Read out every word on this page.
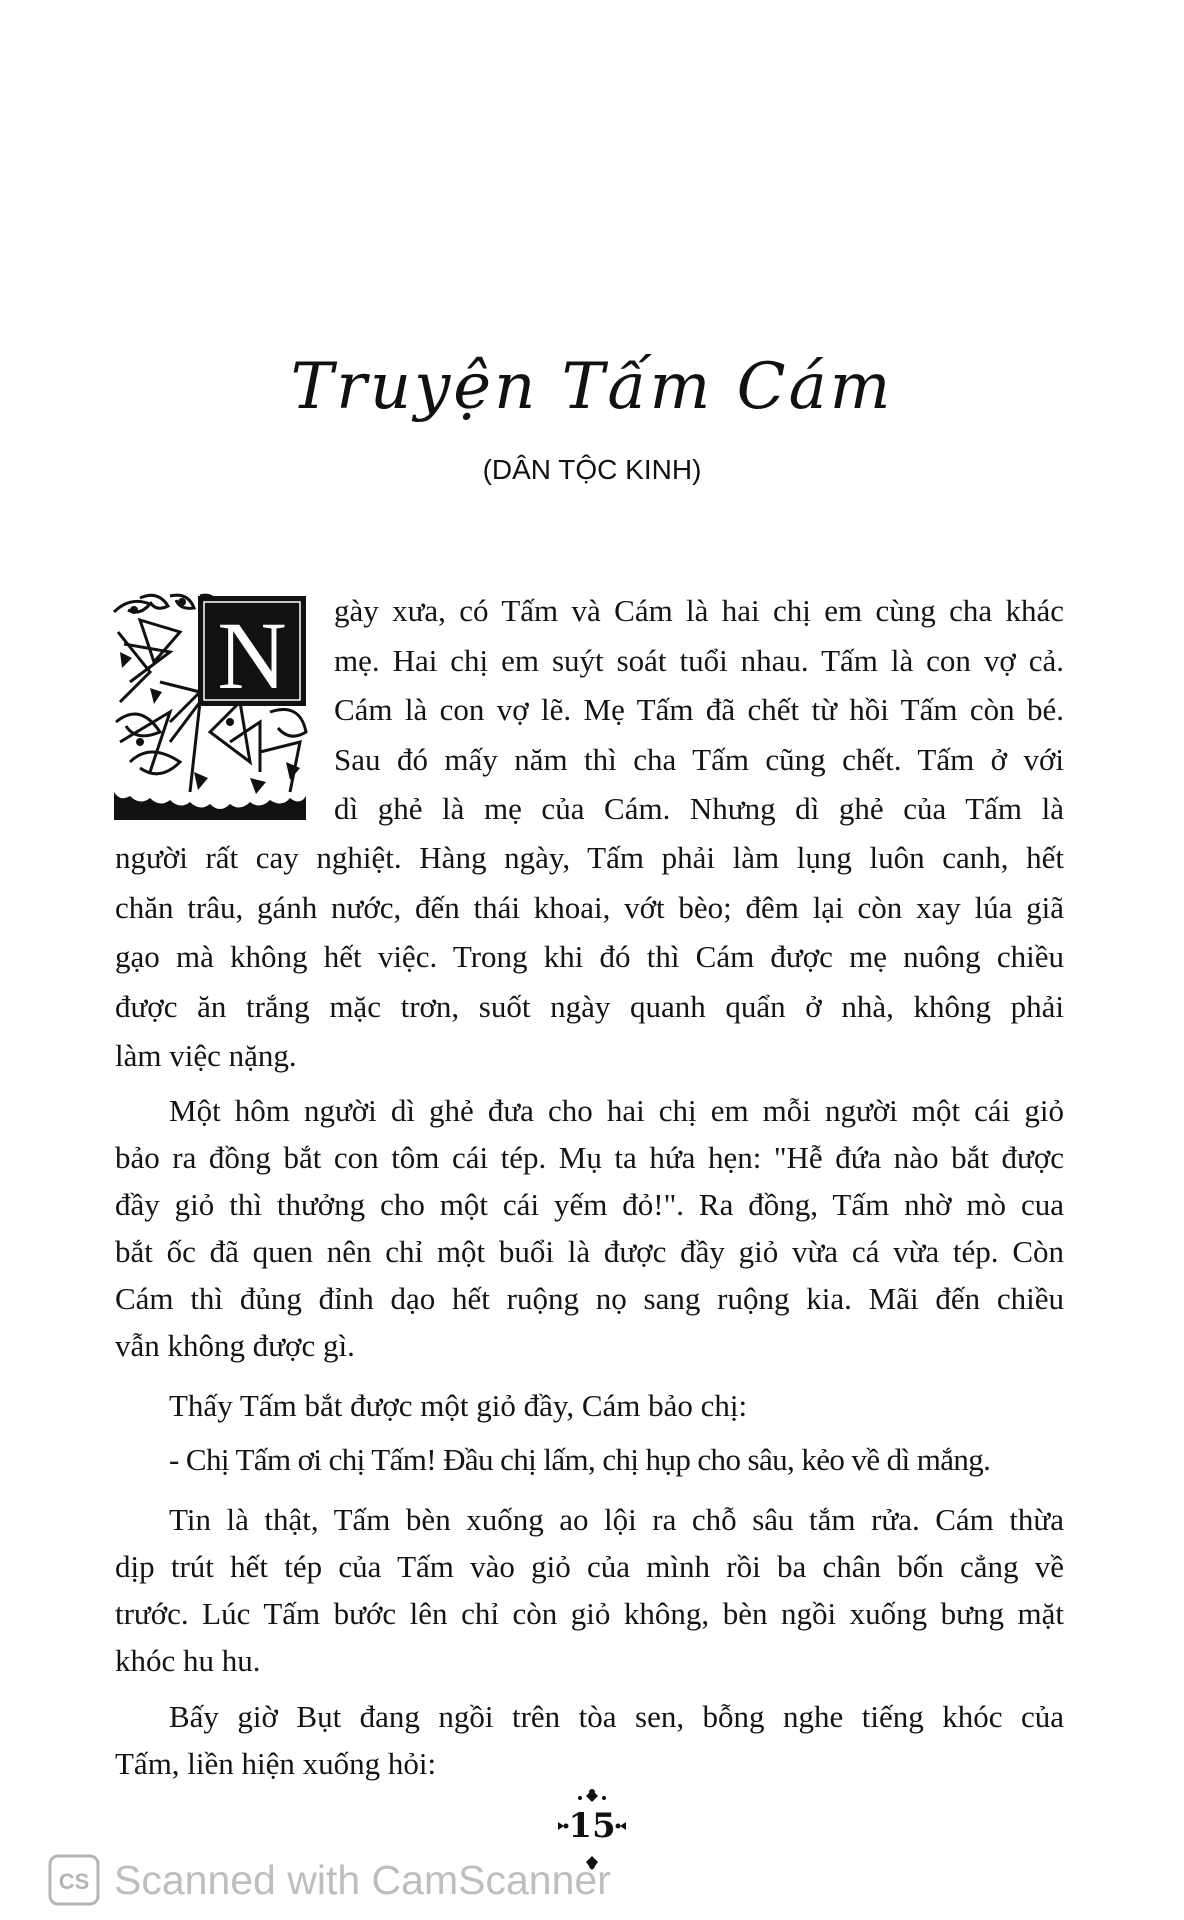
Truyện Tấm Cám
(DÂN TỘC KINH)
N gày xưa, có Tấm và Cám là hai chị em cùng cha khác
mẹ. Hai chị em suýt soát tuổi nhau. Tấm là con vợ cả.
Cám là con vợ lẽ. Mẹ Tấm đã chết từ hồi Tấm còn bé.
Sau đó mấy năm thì cha Tấm cũng chết. Tấm ở với
dì ghẻ là mẹ của Cám. Nhưng dì ghẻ của Tấm là
người rất cay nghiệt. Hàng ngày, Tấm phải làm lụng luôn canh, hết
chăn trâu, gánh nước, đến thái khoai, vớt bèo; đêm lại còn xay lúa giã
gạo mà không hết việc. Trong khi đó thì Cám được mẹ nuông chiều
được ăn trắng mặc trơn, suốt ngày quanh quẩn ở nhà, không phải
làm việc nặng.
Một hôm người dì ghẻ đưa cho hai chị em mỗi người một cái giỏ
bảo ra đồng bắt con tôm cái tép. Mụ ta hứa hẹn: "Hễ đứa nào bắt được
đầy giỏ thì thưởng cho một cái yếm đỏ!". Ra đồng, Tấm nhờ mò cua
bắt ốc đã quen nên chỉ một buổi là được đầy giỏ vừa cá vừa tép. Còn
Cám thì đủng đỉnh dạo hết ruộng nọ sang ruộng kia. Mãi đến chiều
vẫn không được gì.
Thấy Tấm bắt được một giỏ đầy, Cám bảo chị:
- Chị Tấm ơi chị Tấm! Đầu chị lấm, chị hụp cho sâu, kẻo về dì mắng.
Tin là thật, Tấm bèn xuống ao lội ra chỗ sâu tắm rửa. Cám thừa
dịp trút hết tép của Tấm vào giỏ của mình rồi ba chân bốn cẳng về
trước. Lúc Tấm bước lên chỉ còn giỏ không, bèn ngồi xuống bưng mặt
khóc hu hu.
Bấy giờ Bụt đang ngồi trên tòa sen, bỗng nghe tiếng khóc của
Tấm, liền hiện xuống hỏi:
15
CS Scanned with CamScanner
